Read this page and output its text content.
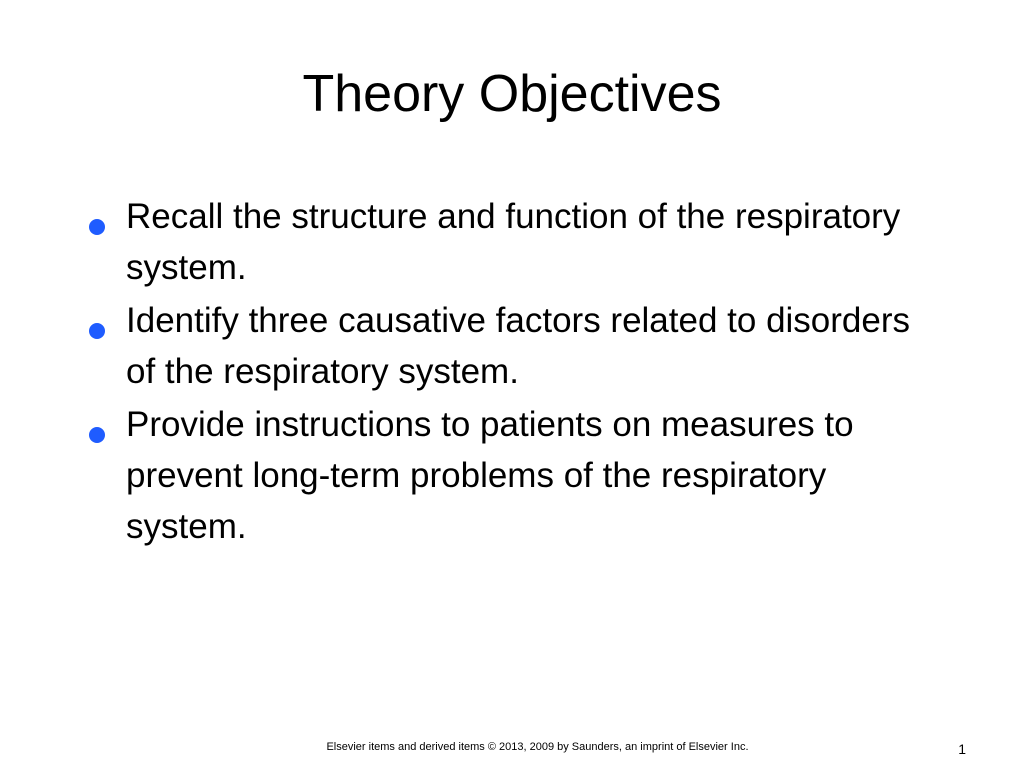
Theory Objectives
Recall the structure and function of the respiratory system.
Identify three causative factors related to disorders of the respiratory system.
Provide instructions to patients on measures to prevent long-term problems of the respiratory system.
Elsevier items and derived items © 2013, 2009 by Saunders, an imprint of Elsevier Inc.	1
